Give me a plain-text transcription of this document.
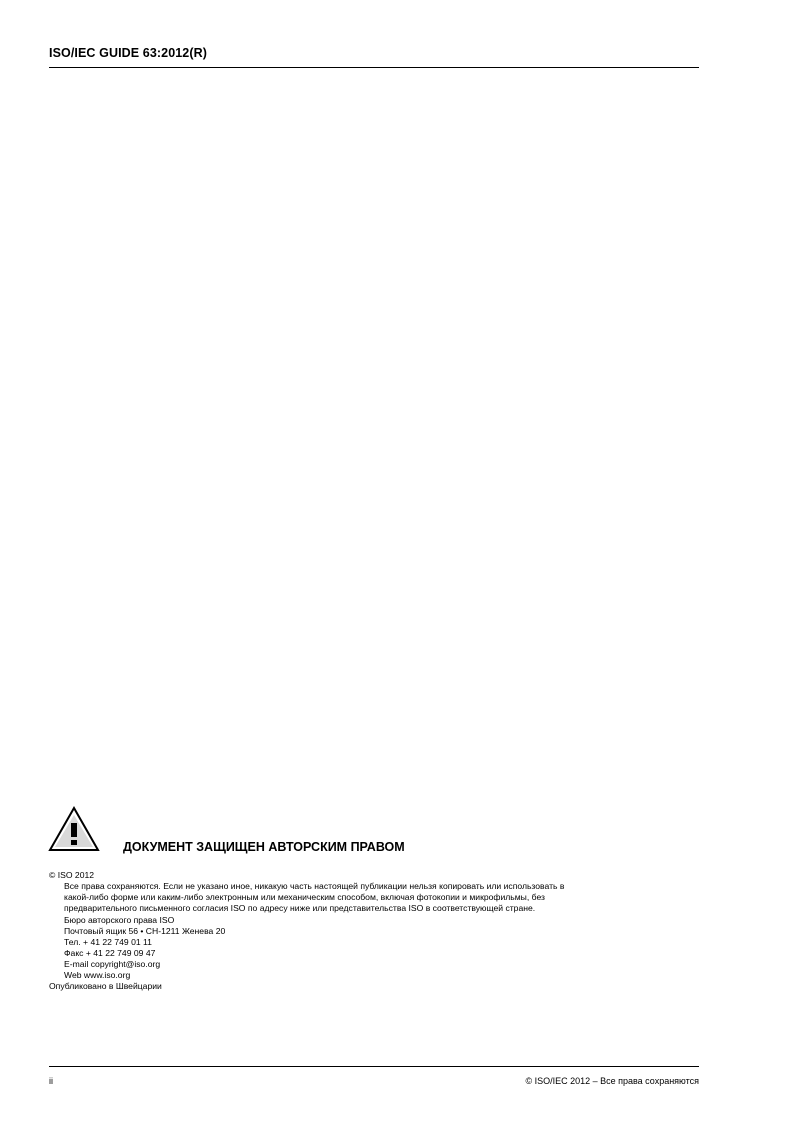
ISO/IEC GUIDE 63:2012(R)
ДОКУМЕНТ ЗАЩИЩЕН АВТОРСКИМ ПРАВОМ
© ISO 2012
Все права сохраняются. Если не указано иное, никакую часть настоящей публикации нельзя копировать или использовать в
какой-либо форме или каким-либо электронным или механическим способом, включая фотокопии и микрофильмы, без
предварительного письменного согласия ISO по адресу ниже или представительства ISO в соответствующей стране.
Бюро авторского права ISO
Почтовый ящик 56 • CH-1211 Женева 20
Тел. + 41 22 749 01 11
Факс + 41 22 749 09 47
E-mail copyright@iso.org
Web www.iso.org
Опубликовано в Швейцарии
ii	© ISO/IEC 2012 – Все права сохраняются
